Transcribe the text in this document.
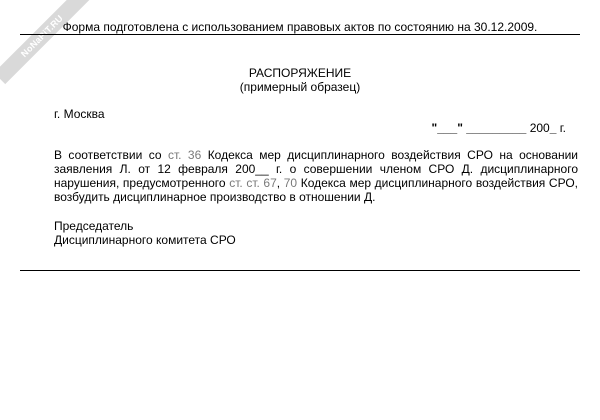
NoNaPiT.RU
Форма подготовлена с использованием правовых актов по состоянию на 30.12.2009.
РАСПОРЯЖЕНИЕ
(примерный образец)
г. Москва
"___" _________ 200_ г.
В соответствии со ст. 36 Кодекса мер дисциплинарного воздействия СРО на основании заявления Л. от 12 февраля 200__ г. о совершении членом СРО Д. дисциплинарного нарушения, предусмотренного ст. ст. 67, 70 Кодекса мер дисциплинарного воздействия СРО, возбудить дисциплинарное производство в отношении Д.
Председатель
Дисциплинарного комитета СРО
